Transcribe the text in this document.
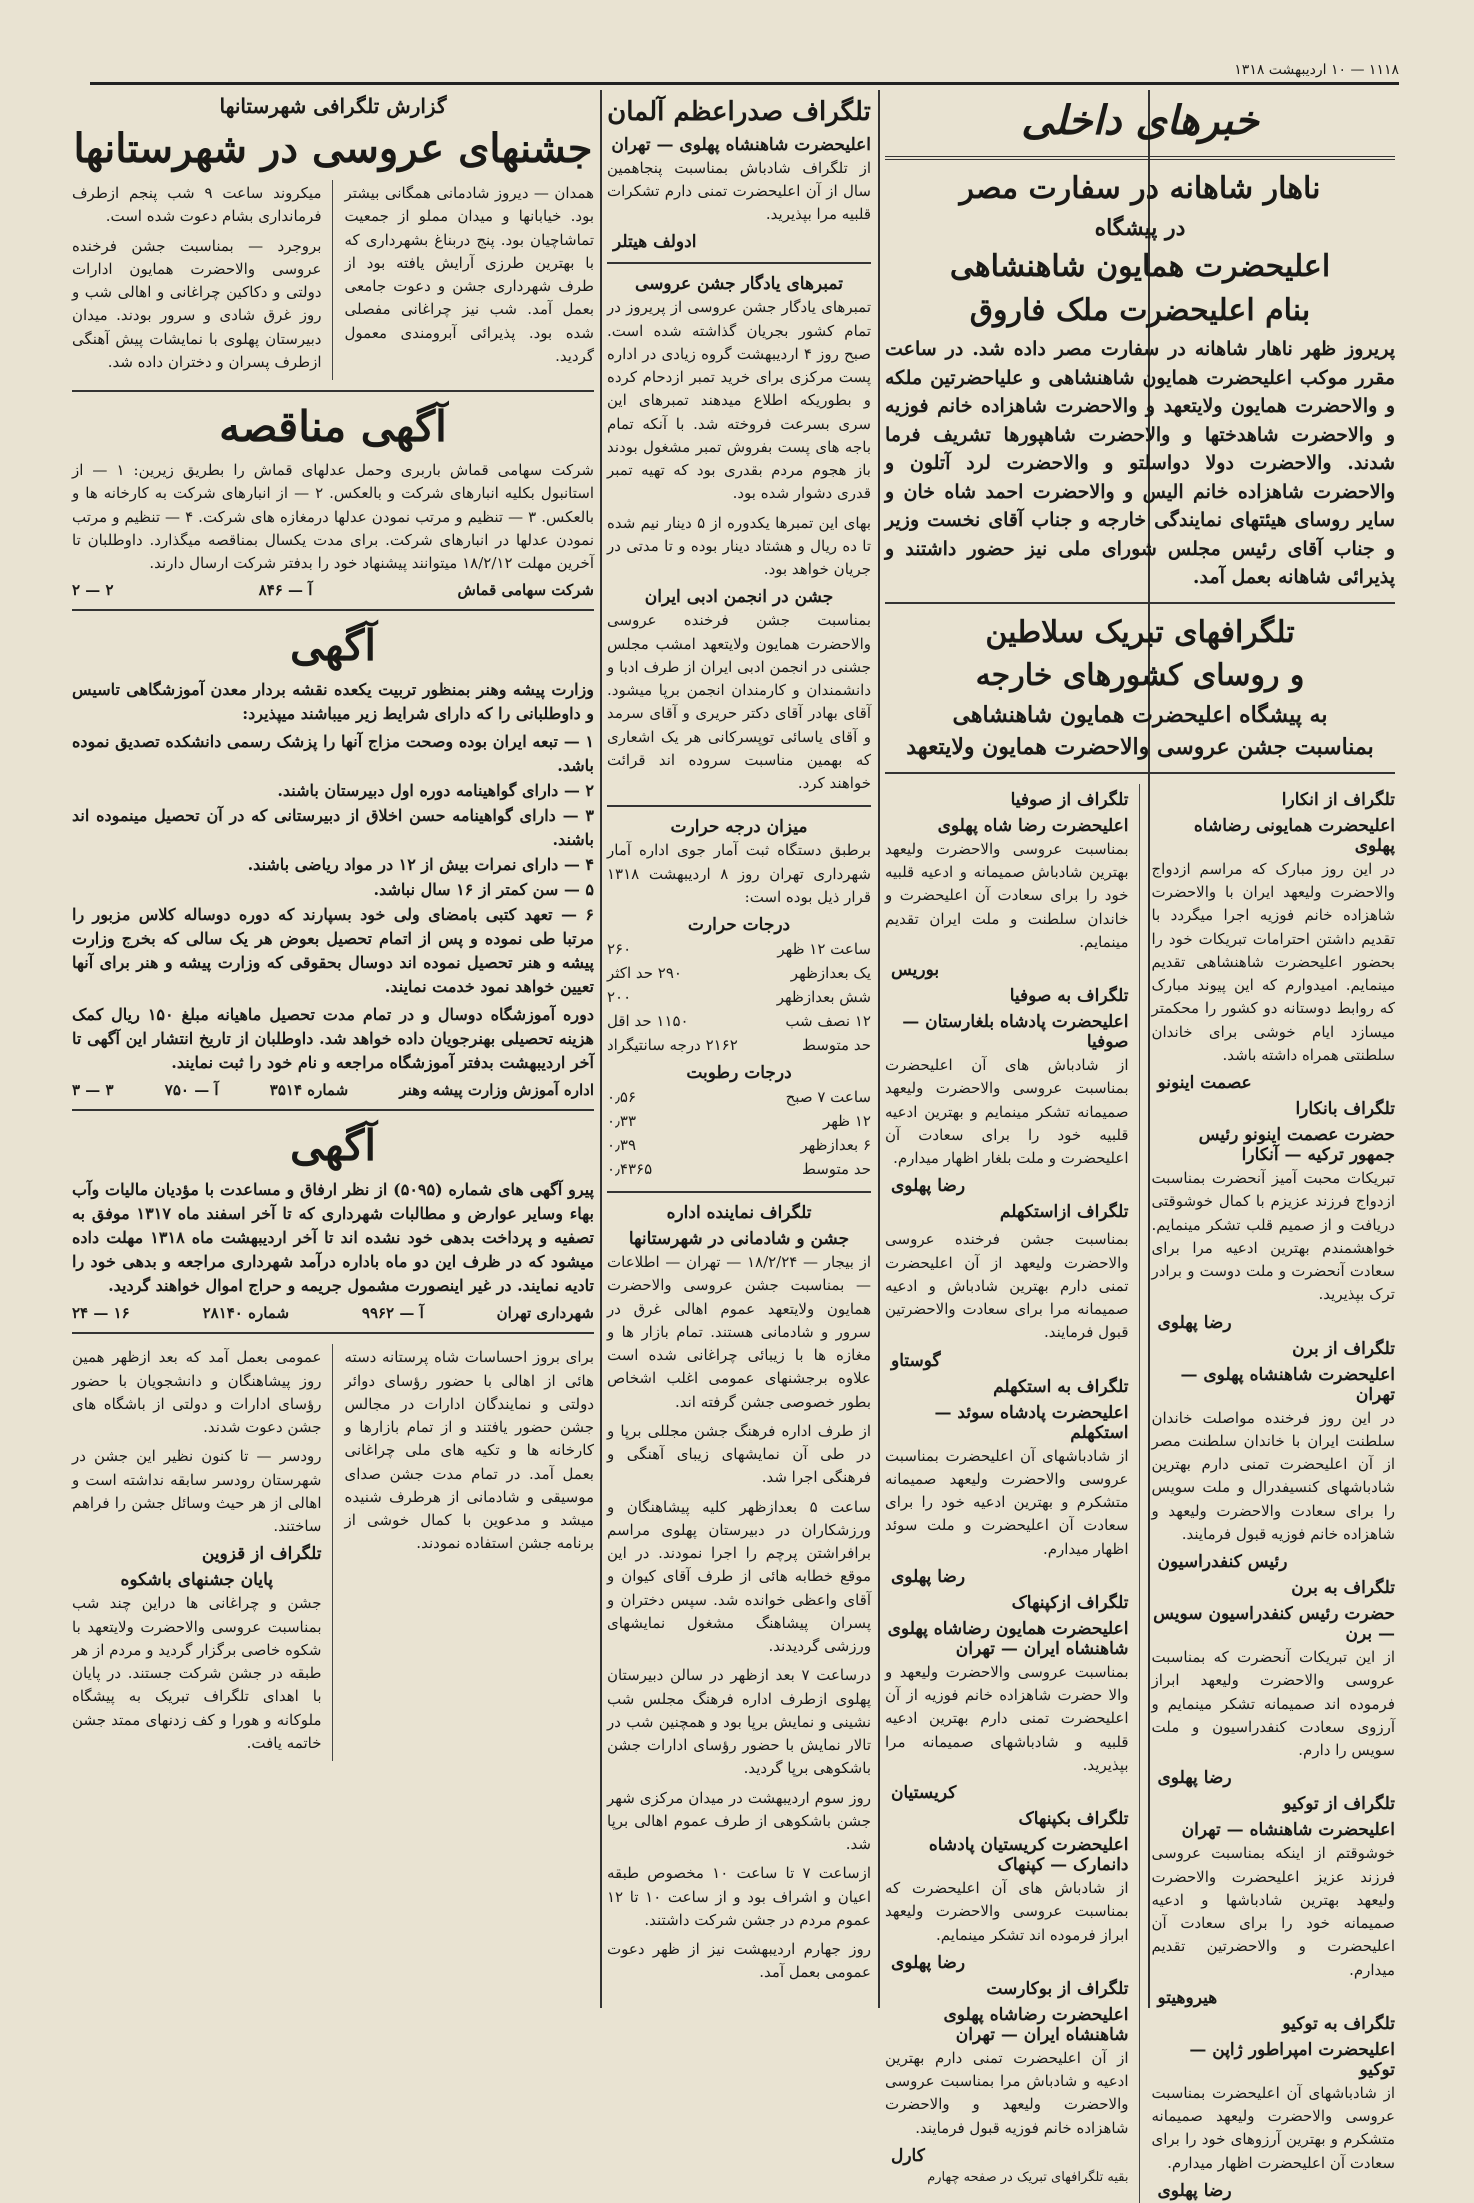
۱۱۱۸ — ۱۰ اردیبهشت ۱۳۱۸
خبرهای داخلی
ناهار شاهانه در سفارت مصر
در پیشگاه
اعلیحضرت همایون شاهنشاهی
بنام اعلیحضرت ملک فاروق
پریروز ظهر ناهار شاهانه در سفارت مصر داده شد. در ساعت مقرر موکب اعلیحضرت همایون شاهنشاهی و علیاحضرتین ملکه و والاحضرت همایون ولایتعهد و والاحضرت شاهزاده خانم فوزیه و والاحضرت شاهدختها و والاحضرت شاهپورها تشریف فرما شدند. والاحضرت دولا دواسلتو و والاحضرت لرد آتلون و والاحضرت شاهزاده خانم الیس و والاحضرت احمد شاه خان و سایر روسای هیئتهای نمایندگی خارجه و جناب آقای نخست وزیر و جناب آقای رئیس مجلس شورای ملی نیز حضور داشتند و پذیرائی شاهانه بعمل آمد.
تلگرافهای تبریک سلاطین
و روسای کشورهای خارجه
به پیشگاه اعلیحضرت همایون شاهنشاهی
بمناسبت جشن عروسی والاحضرت همایون ولایتعهد
تلگراف از انکارا
اعلیحضرت همایونی رضاشاه پهلوی
در این روز مبارک که مراسم ازدواج والاحضرت ولیعهد ایران با والاحضرت شاهزاده خانم فوزیه اجرا میگردد با تقدیم داشتن احترامات تبریکات خود را بحضور اعلیحضرت شاهنشاهی تقدیم مینمایم. امیدوارم که این پیوند مبارک که روابط دوستانه دو کشور را محکمتر میسازد ایام خوشی برای خاندان سلطنتی همراه داشته باشد.
عصمت اینونو
تلگراف بانکارا
حضرت عصمت اینونو رئیس جمهور ترکیه — آنکارا
تبریکات محبت آمیز آنحضرت بمناسبت ازدواج فرزند عزیزم با کمال خوشوقتی دریافت و از صمیم قلب تشکر مینمایم. خواهشمندم بهترین ادعیه مرا برای سعادت آنحضرت و ملت دوست و برادر ترک بپذیرید.
رضا پهلوی
تلگراف از برن
اعلیحضرت شاهنشاه پهلوی — تهران
در این روز فرخنده مواصلت خاندان سلطنت ایران با خاندان سلطنت مصر از آن اعلیحضرت تمنی دارم بهترین شادباشهای کنسیفدرال و ملت سویس را برای سعادت والاحضرت ولیعهد و شاهزاده خانم فوزیه قبول فرمایند.
رئیس کنفدراسیون
تلگراف به برن
حضرت رئیس کنفدراسیون سویس — برن
از این تبریکات آنحضرت که بمناسبت عروسی والاحضرت ولیعهد ابراز فرموده اند صمیمانه تشکر مینمایم و آرزوی سعادت کنفدراسیون و ملت سویس را دارم.
رضا پهلوی
تلگراف از توکیو
اعلیحضرت شاهنشاه — تهران
خوشوقتم از اینکه بمناسبت عروسی فرزند عزیز اعلیحضرت والاحضرت ولیعهد بهترین شادباشها و ادعیه صمیمانه خود را برای سعادت آن اعلیحضرت و والاحضرتین تقدیم میدارم.
هیروهیتو
تلگراف به توکیو
اعلیحضرت امپراطور ژاپن — توکیو
از شادباشهای آن اعلیحضرت بمناسبت عروسی والاحضرت ولیعهد صمیمانه متشکرم و بهترین آرزوهای خود را برای سعادت آن اعلیحضرت اظهار میدارم.
رضا پهلوی
تلگراف از صوفیا
اعلیحضرت رضا شاه پهلوی
بمناسبت عروسی والاحضرت ولیعهد بهترین شادباش صمیمانه و ادعیه قلبیه خود را برای سعادت آن اعلیحضرت و خاندان سلطنت و ملت ایران تقدیم مینمایم.
بوریس
تلگراف به صوفیا
اعلیحضرت پادشاه بلغارستان — صوفیا
از شادباش های آن اعلیحضرت بمناسبت عروسی والاحضرت ولیعهد صمیمانه تشکر مینمایم و بهترین ادعیه قلبیه خود را برای سعادت آن اعلیحضرت و ملت بلغار اظهار میدارم.
رضا پهلوی
تلگراف ازاستکهلم
بمناسبت جشن فرخنده عروسی والاحضرت ولیعهد از آن اعلیحضرت تمنی دارم بهترین شادباش و ادعیه صمیمانه مرا برای سعادت والاحضرتین قبول فرمایند.
گوستاو
تلگراف به استکهلم
اعلیحضرت پادشاه سوئد — استکهلم
از شادباشهای آن اعلیحضرت بمناسبت عروسی والاحضرت ولیعهد صمیمانه متشکرم و بهترین ادعیه خود را برای سعادت آن اعلیحضرت و ملت سوئد اظهار میدارم.
رضا پهلوی
تلگراف ازکپنهاک
اعلیحضرت همایون رضاشاه پهلوی شاهنشاه ایران — تهران
بمناسبت عروسی والاحضرت ولیعهد و والا حضرت شاهزاده خانم فوزیه از آن اعلیحضرت تمنی دارم بهترین ادعیه قلبیه و شادباشهای صمیمانه مرا بپذیرید.
کریستیان
تلگراف بکپنهاک
اعلیحضرت کریستیان پادشاه دانمارک — کپنهاک
از شادباش های آن اعلیحضرت که بمناسبت عروسی والاحضرت ولیعهد ابراز فرموده اند تشکر مینمایم.
رضا پهلوی
تلگراف از بوکارست
اعلیحضرت رضاشاه پهلوی شاهنشاه ایران — تهران
از آن اعلیحضرت تمنی دارم بهترین ادعیه و شادباش مرا بمناسبت عروسی والاحضرت ولیعهد و والاحضرت شاهزاده خانم فوزیه قبول فرمایند.
کارل
بقیه تلگرافهای تبریک در صفحه چهارم
تلگراف صدراعظم آلمان
اعلیحضرت شاهنشاه پهلوی — تهران
از تلگراف شادباش بمناسبت پنجاهمین سال از آن اعلیحضرت تمنی دارم تشکرات قلبیه مرا بپذیرید.
ادولف هیتلر
تمبرهای یادگار جشن عروسی
تمبرهای یادگار جشن عروسی از پریروز در تمام کشور بجریان گذاشته شده است. صبح روز ۴ اردیبهشت گروه زیادی در اداره پست مرکزی برای خرید تمبر ازدحام کرده و بطوریکه اطلاع میدهند تمبرهای این سری بسرعت فروخته شد. با آنکه تمام باجه های پست بفروش تمبر مشغول بودند باز هجوم مردم بقدری بود که تهیه تمبر قدری دشوار شده بود.
بهای این تمبرها یکدوره از ۵ دینار نیم شده تا ده ریال و هشتاد دینار بوده و تا مدتی در جریان خواهد بود.
جشن در انجمن ادبی ایران
بمناسبت جشن فرخنده عروسی والاحضرت همایون ولایتعهد امشب مجلس جشنی در انجمن ادبی ایران از طرف ادبا و دانشمندان و کارمندان انجمن برپا میشود. آقای بهادر آقای دکتر حریری و آقای سرمد و آقای یاسائی توپسرکانی هر یک اشعاری که بهمین مناسبت سروده اند قرائت خواهند کرد.
میزان درجه حرارت
برطبق دستگاه ثبت آمار جوی اداره آمار شهرداری تهران روز ۸ اردیبهشت ۱۳۱۸ قرار ذیل بوده است:
درجات حرارت
ساعت ۱۲ ظهر
۲۶۰
یک بعدازظهر
۲۹۰ حد اکثر
شش بعدازظهر
۲۰۰
۱۲ نصف شب
۱۱۵۰ حد اقل
حد متوسط
۲۱۶۲ درجه سانتیگراد
درجات رطوبت
ساعت ۷ صبح
۰٫۵۶
۱۲ ظهر
۰٫۳۳
۶ بعدازظهر
۰٫۳۹
حد متوسط
۰٫۴۳۶۵
تلگراف نماینده اداره
جشن و شادمانی در شهرستانها
از بیجار — ۱۸/۲/۲۴ — تهران — اطلاعات — بمناسبت جشن عروسی والاحضرت همایون ولایتعهد عموم اهالی غرق در سرور و شادمانی هستند. تمام بازار ها و مغازه ها با زیبائی چراغانی شده است علاوه برجشنهای عمومی اغلب اشخاص بطور خصوصی جشن گرفته اند.
از طرف اداره فرهنگ جشن مجللی برپا و در طی آن نمایشهای زیبای آهنگی و فرهنگی اجرا شد.
ساعت ۵ بعدازظهر کلیه پیشاهنگان و ورزشکاران در دبیرستان پهلوی مراسم برافراشتن پرچم را اجرا نمودند. در این موقع خطابه هائی از طرف آقای کیوان و آقای واعظی خوانده شد. سپس دختران و پسران پیشاهنگ مشغول نمایشهای ورزشی گردیدند.
درساعت ۷ بعد ازظهر در سالن دبیرستان پهلوی ازطرف اداره فرهنگ مجلس شب نشینی و نمایش برپا بود و همچنین شب در تالار نمایش با حضور رؤسای ادارات جشن باشکوهی برپا گردید.
روز سوم اردیبهشت در میدان مرکزی شهر جشن باشکوهی از طرف عموم اهالی برپا شد.
ازساعت ۷ تا ساعت ۱۰ مخصوص طبقه اعیان و اشراف بود و از ساعت ۱۰ تا ۱۲ عموم مردم در جشن شرکت داشتند.
روز جهارم اردیبهشت نیز از ظهر دعوت عمومی بعمل آمد.
گزارش تلگرافی شهرستانها
جشنهای عروسی در شهرستانها
همدان — دیروز شادمانی همگانی بیشتر بود. خیابانها و میدان مملو از جمعیت تماشاچیان بود. پنج دربناغ بشهرداری که با بهترین طرزی آرایش یافته بود از طرف شهرداری جشن و دعوت جامعی بعمل آمد. شب نیز چراغانی مفصلی شده بود. پذیرائی آبرومندی معمول گردید.
میکروند ساعت ۹ شب پنجم ازطرف فرمانداری بشام دعوت شده است.
بروجرد — بمناسبت جشن فرخنده عروسی والاحضرت همایون ادارات دولتی و دکاکین چراغانی و اهالی شب و روز غرق شادی و سرور بودند. میدان دبیرستان پهلوی با نمایشات پیش آهنگی ازطرف پسران و دختران داده شد.
آگهی مناقصه
شرکت سهامی قماش باربری وحمل عدلهای قماش را بطریق زیرین: ۱ — از استانبول بکلیه انبارهای شرکت و بالعکس. ۲ — از انبارهای شرکت به کارخانه ها و بالعکس. ۳ — تنظیم و مرتب نمودن عدلها درمغازه های شرکت. ۴ — تنظیم و مرتب نمودن عدلها در انبارهای شرکت. برای مدت یکسال بمناقصه میگذارد. داوطلبان تا آخرین مهلت ۱۸/۲/۱۲ میتوانند پیشنهاد خود را بدفتر شرکت ارسال دارند.
شرکت سهامی قماش
آ — ۸۴۶
۲ — ۲
آگهی
وزارت پیشه وهنر بمنظور تربیت یکعده نقشه بردار معدن آموزشگاهی تاسیس و داوطلبانی را که دارای شرایط زیر میباشند میپذیرد:
۱ — تبعه ایران بوده وصحت مزاج آنها را پزشک رسمی دانشکده تصدیق نموده باشد.
۲ — دارای گواهینامه دوره اول دبیرستان باشند.
۳ — دارای گواهینامه حسن اخلاق از دبیرستانی که در آن تحصیل مینموده اند باشند.
۴ — دارای نمرات بیش از ۱۲ در مواد ریاضی باشند.
۵ — سن کمتر از ۱۶ سال نباشد.
۶ — تعهد کتبی بامضای ولی خود بسپارند که دوره دوساله کلاس مزبور را مرتبا طی نموده و پس از اتمام تحصیل بعوض هر یک سالی که بخرج وزارت پیشه و هنر تحصیل نموده اند دوسال بحقوقی که وزارت پیشه و هنر برای آنها تعیین خواهد نمود خدمت نمایند.
دوره آموزشگاه دوسال و در تمام مدت تحصیل ماهیانه مبلغ ۱۵۰ ریال کمک هزینه تحصیلی بهنرجویان داده خواهد شد. داوطلبان از تاریخ انتشار این آگهی تا آخر اردیبهشت بدفتر آموزشگاه مراجعه و نام خود را ثبت نمایند.
اداره آموزش وزارت پیشه وهنر
شماره ۳۵۱۴
آ — ۷۵۰
۳ — ۳
آگهی
پیرو آگهی های شماره (۵۰۹۵) از نظر ارفاق و مساعدت با مؤدیان مالیات وآب بهاء وسایر عوارض و مطالبات شهرداری که تا آخر اسفند ماه ۱۳۱۷ موفق به تصفیه و پرداخت بدهی خود نشده اند تا آخر اردیبهشت ماه ۱۳۱۸ مهلت داده میشود که در ظرف این دو ماه باداره درآمد شهرداری مراجعه و بدهی خود را تادیه نمایند. در غیر اینصورت مشمول جریمه و حراج اموال خواهند گردید.
شهرداری تهران
آ — ۹۹۶۲
شماره ۲۸۱۴۰
۱۶ — ۲۴
برای بروز احساسات شاه پرستانه دسته هائی از اهالی با حضور رؤسای دوائر دولتی و نمایندگان ادارات در مجالس جشن حضور یافتند و از تمام بازارها و کارخانه ها و تکیه های ملی چراغانی بعمل آمد. در تمام مدت جشن صدای موسیقی و شادمانی از هرطرف شنیده میشد و مدعوین با کمال خوشی از برنامه جشن استفاده نمودند.
عمومی بعمل آمد که بعد ازظهر همین روز پیشاهنگان و دانشجویان با حضور رؤسای ادارات و دولتی از باشگاه های جشن دعوت شدند.
رودسر — تا کنون نظیر این جشن در شهرستان رودسر سابقه نداشته است و اهالی از هر حیث وسائل جشن را فراهم ساختند.
تلگراف از قزوین
پایان جشنهای باشکوه
جشن و چراغانی ها دراین چند شب بمناسبت عروسی والاحضرت ولایتعهد با شکوه خاصی برگزار گردید و مردم از هر طبقه در جشن شرکت جستند. در پایان با اهدای تلگراف تبریک به پیشگاه ملوکانه و هورا و کف زدنهای ممتد جشن خاتمه یافت.
